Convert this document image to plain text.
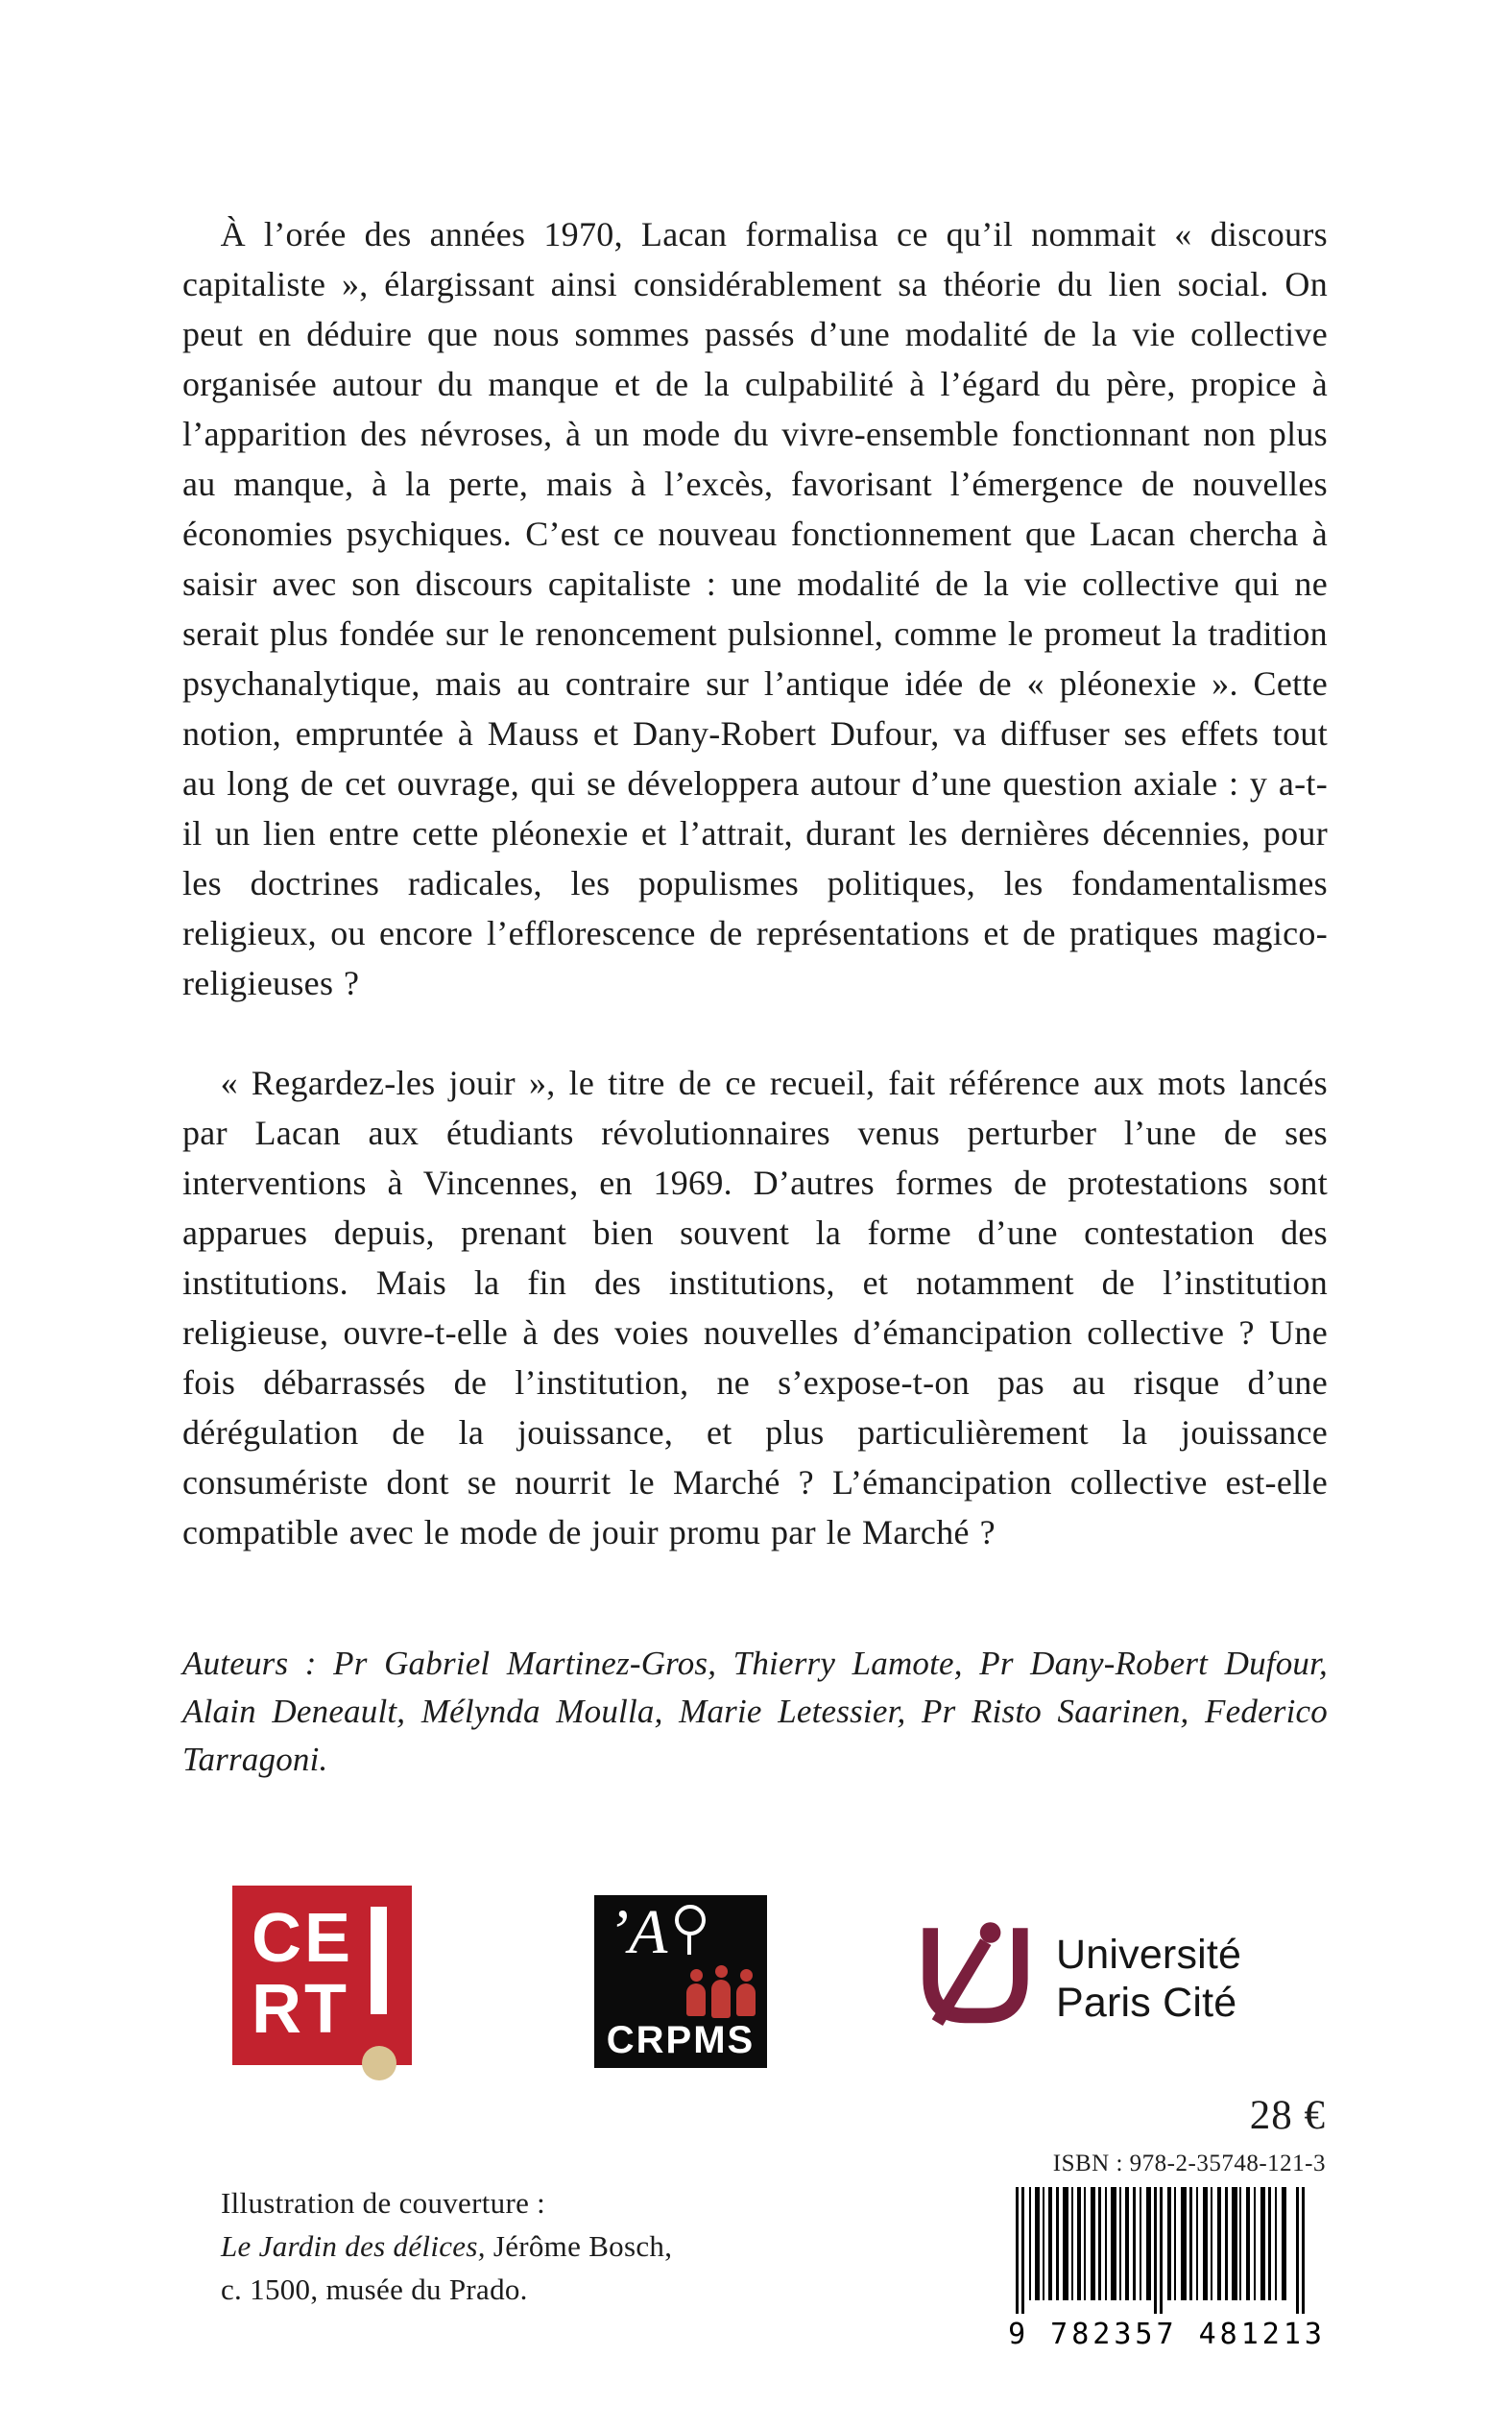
À l’orée des années 1970, Lacan formalisa ce qu’il nommait « discours capitaliste », élargissant ainsi considérablement sa théorie du lien social. On peut en déduire que nous sommes passés d’une modalité de la vie collective organisée autour du manque et de la culpabilité à l’égard du père, propice à l’apparition des névroses, à un mode du vivre-ensemble fonctionnant non plus au manque, à la perte, mais à l’excès, favorisant l’émergence de nouvelles économies psychiques. C’est ce nouveau fonctionnement que Lacan chercha à saisir avec son discours capitaliste : une modalité de la vie collective qui ne serait plus fondée sur le renoncement pulsionnel, comme le promeut la tradition psychanalytique, mais au contraire sur l’antique idée de « pléonexie ». Cette notion, empruntée à Mauss et Dany-Robert Dufour, va diffuser ses effets tout au long de cet ouvrage, qui se développera autour d’une question axiale : y a-t-il un lien entre cette pléonexie et l’attrait, durant les dernières décennies, pour les doctrines radicales, les populismes politiques, les fondamentalismes religieux, ou encore l’efflorescence de représentations et de pratiques magico-religieuses ?

« Regardez-les jouir », le titre de ce recueil, fait référence aux mots lancés par Lacan aux étudiants révolutionnaires venus perturber l’une de ses interventions à Vincennes, en 1969. D’autres formes de protestations sont apparues depuis, prenant bien souvent la forme d’une contestation des institutions. Mais la fin des institutions, et notamment de l’institution religieuse, ouvre-t-elle à des voies nouvelles d’émancipation collective ? Une fois débarrassés de l’institution, ne s’expose-t-on pas au risque d’une dérégulation de la jouissance, et plus particulièrement la jouissance consumériste dont se nourrit le Marché ? L’émancipation collective est-elle compatible avec le mode de jouir promu par le Marché ?

Auteurs : Pr Gabriel Martinez-Gros, Thierry Lamote, Pr Dany-Robert Dufour, Alain Deneault, Mélynda Moulla, Marie Letessier, Pr Risto Saarinen, Federico Tarragoni.

CE
RT
’A
CRPMS
Université
Paris Cité
28 €
ISBN : 978-2-35748-121-3
9 782357 481213
Illustration de couverture :
Le Jardin des délices, Jérôme Bosch,
c. 1500, musée du Prado.
